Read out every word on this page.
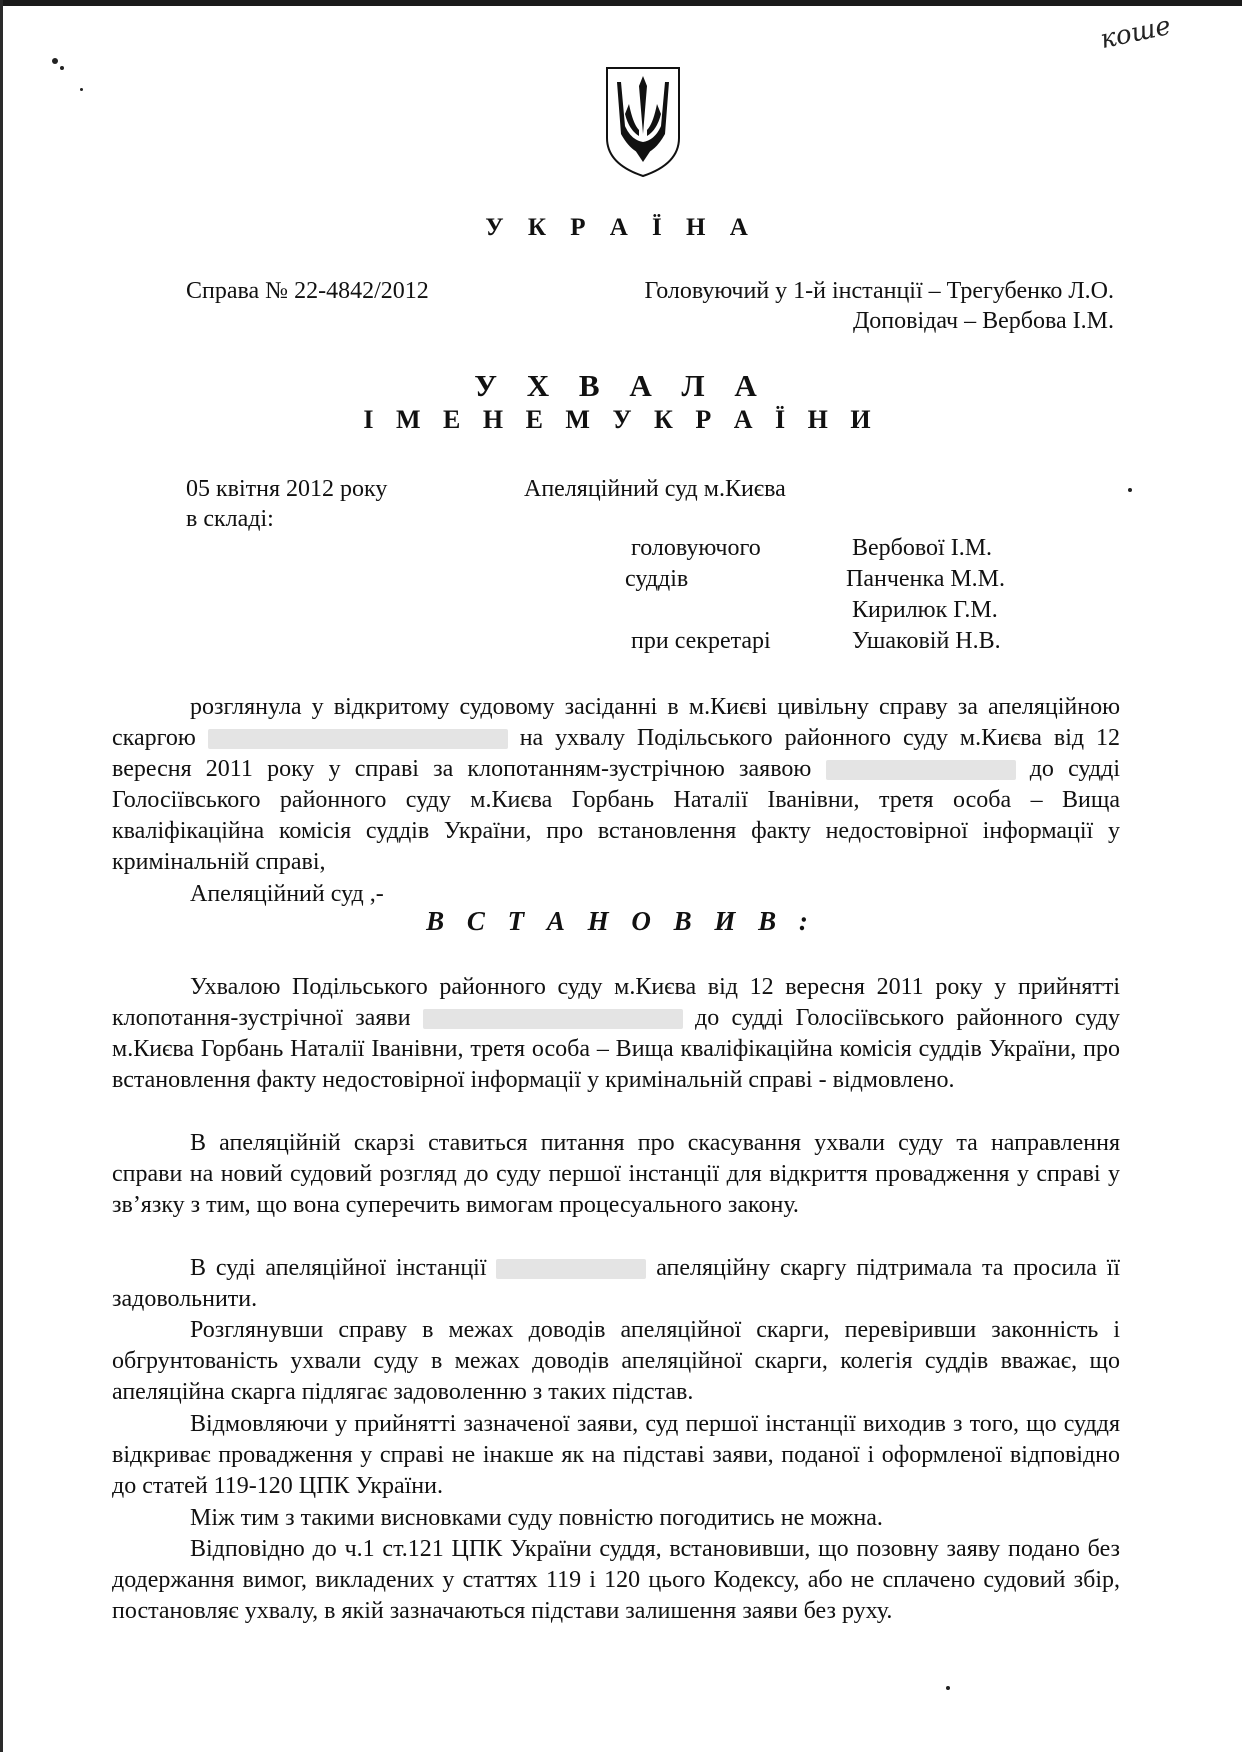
коше
У К Р А Ї Н А
Справа № 22-4842/2012	Головуючий у 1-й інстанції – Трегубенко Л.О.
Доповідач – Вербова І.М.
У Х В А Л А
І М Е Н Е М У К Р А Ї Н И
05 квітня 2012 року	Апеляційний суд м.Києва
в складі:
головуючого	Вербової І.М.
суддів	Панченка М.М.
Кирилюк Г.М.
при секретарі	Ушаковій Н.В.
розглянула у відкритому судовому засіданні в м.Києві цивільну справу за апеляційною скаргою	на ухвалу Подільського районного суду м.Києва від 12 вересня 2011 року у справі за клопотанням-зустрічною заявою	до судді Голосіївського районного суду м.Києва Горбань Наталії Іванівни, третя особа – Вища кваліфікаційна комісія суддів України, про встановлення факту недостовірної інформації у кримінальній справі,
Апеляційний суд ,-
В С Т А Н О В И В :
Ухвалою Подільського районного суду м.Києва від 12 вересня 2011 року у прийнятті клопотання-зустрічної заяви	до судді Голосіївського районного суду м.Києва Горбань Наталії Іванівни, третя особа – Вища кваліфікаційна комісія суддів України, про встановлення факту недостовірної інформації у кримінальній справі - відмовлено.
В апеляційній скарзі ставиться питання про скасування ухвали суду та направлення справи на новий судовий розгляд до суду першої інстанції для відкриття провадження у справі у зв’язку з тим, що вона суперечить вимогам процесуального закону.
В суді апеляційної інстанції	апеляційну скаргу підтримала та просила її задовольнити.
Розглянувши справу в межах доводів апеляційної скарги, перевіривши законність і обгрунтованість ухвали суду в межах доводів апеляційної скарги, колегія суддів вважає, що апеляційна скарга підлягає задоволенню з таких підстав.
Відмовляючи у прийнятті зазначеної заяви, суд першої інстанції виходив з того, що суддя відкриває провадження у справі не інакше як на підставі заяви, поданої і оформленої відповідно до статей 119-120 ЦПК України.
Між тим з такими висновками суду повністю погодитись не можна.
Відповідно до ч.1 ст.121 ЦПК України суддя, встановивши, що позовну заяву подано без додержання вимог, викладених у статтях 119 і 120 цього Кодексу, або не сплачено судовий збір, постановляє ухвалу, в якій зазначаються підстави залишення заяви без руху.
